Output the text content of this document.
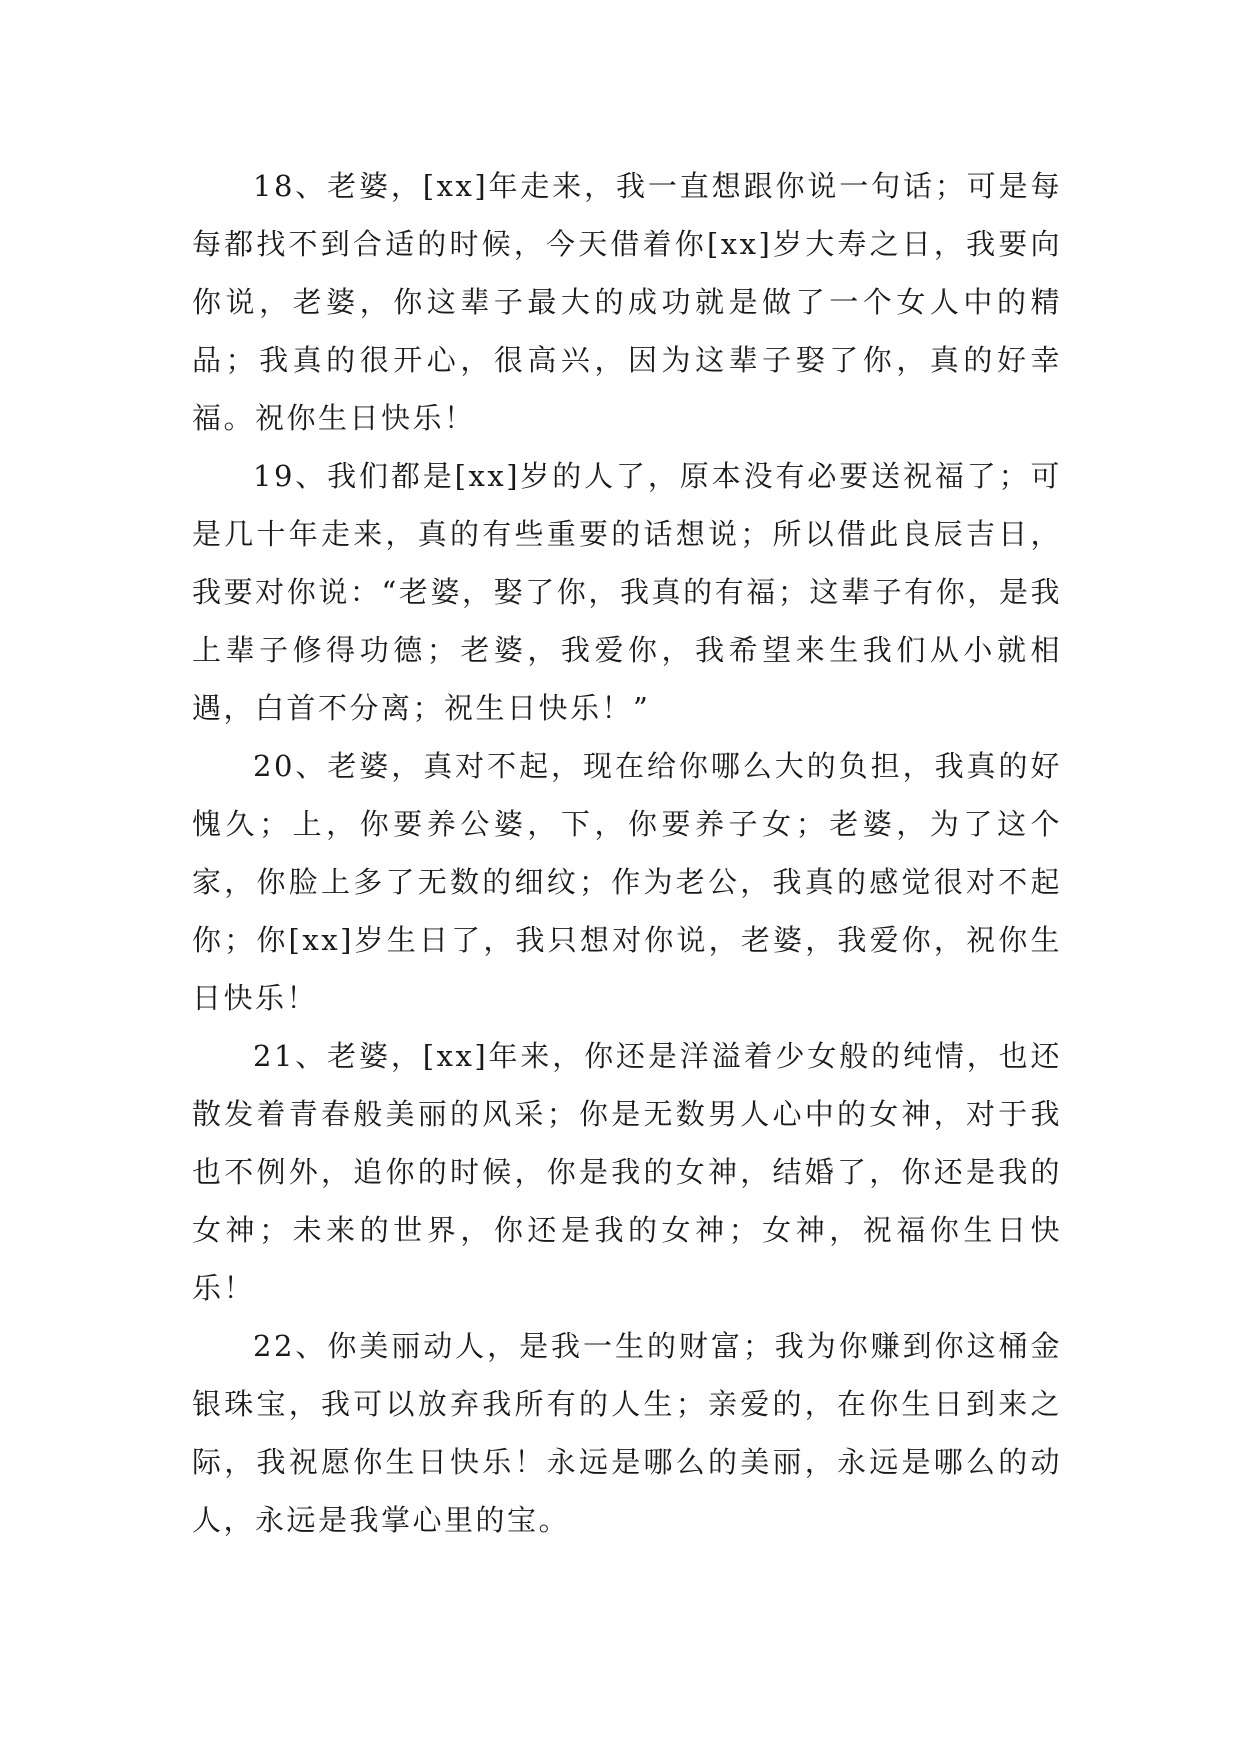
18、老婆，[xx]年走来，我一直想跟你说一句话；可是每每都找不到合适的时候，今天借着你[xx]岁大寿之日，我要向你说，老婆，你这辈子最大的成功就是做了一个女人中的精品；我真的很开心，很高兴，因为这辈子娶了你，真的好幸福。祝你生日快乐！

19、我们都是[xx]岁的人了，原本没有必要送祝福了；可是几十年走来，真的有些重要的话想说；所以借此良辰吉日，我要对你说：“老婆，娶了你，我真的有福；这辈子有你，是我上辈子修得功德；老婆，我爱你，我希望来生我们从小就相遇，白首不分离；祝生日快乐！”

20、老婆，真对不起，现在给你哪么大的负担，我真的好愧久；上，你要养公婆，下，你要养子女；老婆，为了这个家，你脸上多了无数的细纹；作为老公，我真的感觉很对不起你；你[xx]岁生日了，我只想对你说，老婆，我爱你，祝你生日快乐！

21、老婆，[xx]年来，你还是洋溢着少女般的纯情，也还散发着青春般美丽的风采；你是无数男人心中的女神，对于我也不例外，追你的时候，你是我的女神，结婚了，你还是我的女神；未来的世界，你还是我的女神；女神，祝福你生日快乐！

22、你美丽动人，是我一生的财富；我为你赚到你这桶金银珠宝，我可以放弃我所有的人生；亲爱的，在你生日到来之际，我祝愿你生日快乐！永远是哪么的美丽，永远是哪么的动人，永远是我掌心里的宝。
